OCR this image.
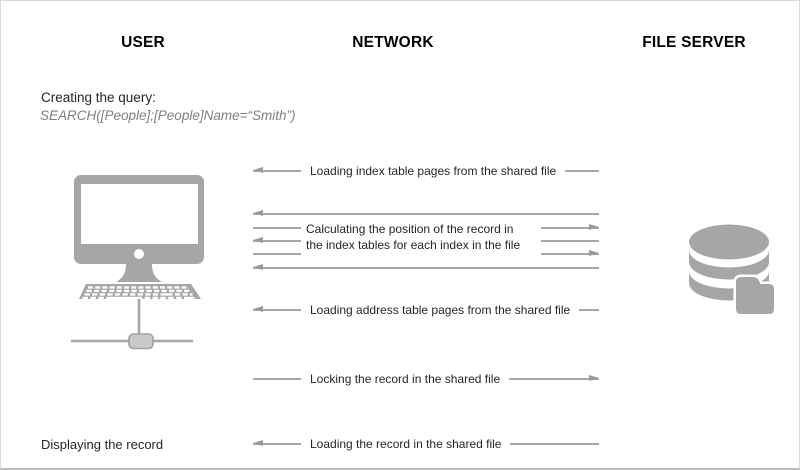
USER	NETWORK	FILE SERVER
Creating the query:
SEARCH([People];[People]Name=“Smith”)
Loading index table pages from the shared file
Calculating the position of the record in
the index tables for each index in the file
Loading address table pages from the shared file
Locking the record in the shared file
Loading the record in the shared file
Displaying the record
